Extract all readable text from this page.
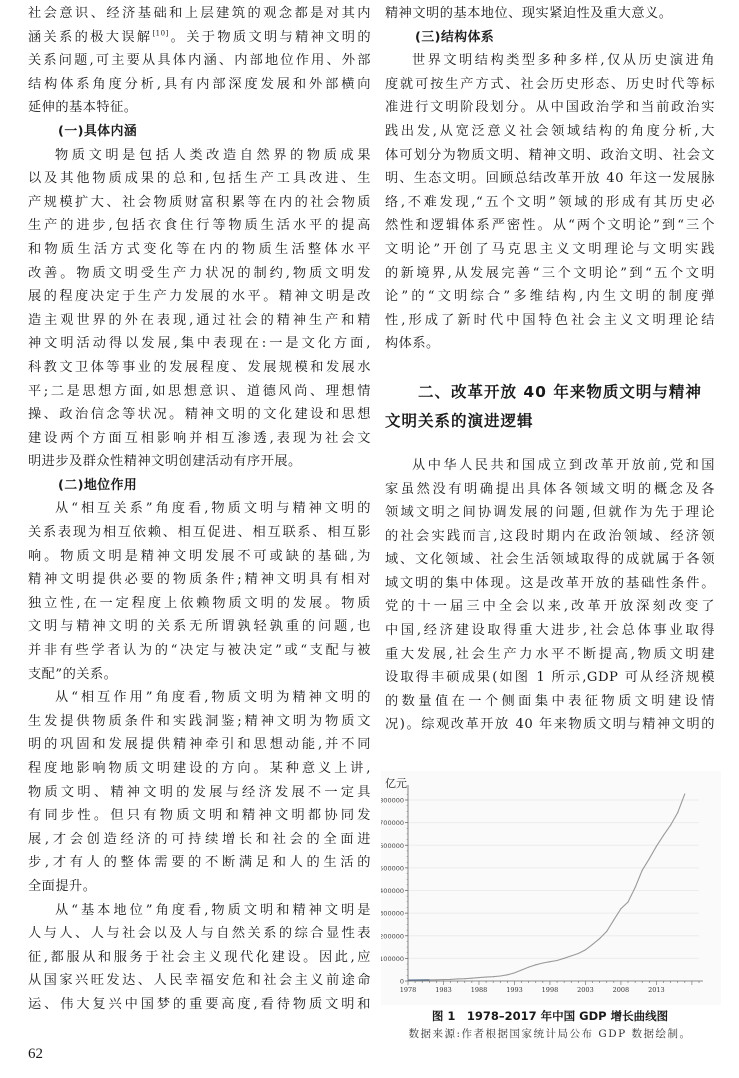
社会意识、经济基础和上层建筑的观念都是对其内
涵关系的极大误解[10]。关于物质文明与精神文明的
关系问题,可主要从具体内涵、内部地位作用、外部
结构体系角度分析,具有内部深度发展和外部横向
延伸的基本特征。
(一)具体内涵
物质文明是包括人类改造自然界的物质成果
以及其他物质成果的总和,包括生产工具改进、生
产规模扩大、社会物质财富积累等在内的社会物质
生产的进步,包括衣食住行等物质生活水平的提高
和物质生活方式变化等在内的物质生活整体水平
改善。物质文明受生产力状况的制约,物质文明发
展的程度决定于生产力发展的水平。精神文明是改
造主观世界的外在表现,通过社会的精神生产和精
神文明活动得以发展,集中表现在:一是文化方面,
科教文卫体等事业的发展程度、发展规模和发展水
平;二是思想方面,如思想意识、道德风尚、理想情
操、政治信念等状况。精神文明的文化建设和思想
建设两个方面互相影响并相互渗透,表现为社会文
明进步及群众性精神文明创建活动有序开展。
(二)地位作用
从“相互关系”角度看,物质文明与精神文明的
关系表现为相互依赖、相互促进、相互联系、相互影
响。物质文明是精神文明发展不可或缺的基础,为
精神文明提供必要的物质条件;精神文明具有相对
独立性,在一定程度上依赖物质文明的发展。物质
文明与精神文明的关系无所谓孰轻孰重的问题,也
并非有些学者认为的“决定与被决定”或“支配与被
支配”的关系。
从“相互作用”角度看,物质文明为精神文明的
生发提供物质条件和实践洞鉴;精神文明为物质文
明的巩固和发展提供精神牵引和思想动能,并不同
程度地影响物质文明建设的方向。某种意义上讲,
物质文明、精神文明的发展与经济发展不一定具
有同步性。但只有物质文明和精神文明都协同发
展,才会创造经济的可持续增长和社会的全面进
步,才有人的整体需要的不断满足和人的生活的
全面提升。
从“基本地位”角度看,物质文明和精神文明是
人与人、人与社会以及人与自然关系的综合显性表
征,都服从和服务于社会主义现代化建设。因此,应
从国家兴旺发达、人民幸福安危和社会主义前途命
运、伟大复兴中国梦的重要高度,看待物质文明和
精神文明的基本地位、现实紧迫性及重大意义。
(三)结构体系
世界文明结构类型多种多样,仅从历史演进角
度就可按生产方式、社会历史形态、历史时代等标
准进行文明阶段划分。从中国政治学和当前政治实
践出发,从宽泛意义社会领域结构的角度分析,大
体可划分为物质文明、精神文明、政治文明、社会文
明、生态文明。回顾总结改革开放 40 年这一发展脉
络,不难发现,“五个文明”领域的形成有其历史必
然性和逻辑体系严密性。从“两个文明论”到“三个
文明论”开创了马克思主义文明理论与文明实践
的新境界,从发展完善“三个文明论”到“五个文明
论”的“文明综合”多维结构,内生文明的制度弹
性,形成了新时代中国特色社会主义文明理论结
构体系。
二、改革开放 40 年来物质文明与精神
文明关系的演进逻辑
从中华人民共和国成立到改革开放前,党和国
家虽然没有明确提出具体各领域文明的概念及各
领域文明之间协调发展的问题,但就作为先于理论
的社会实践而言,这段时期内在政治领域、经济领
域、文化领域、社会生活领域取得的成就属于各领
域文明的集中体现。这是改革开放的基础性条件。
党的十一届三中全会以来,改革开放深刻改变了
中国,经济建设取得重大进步,社会总体事业取得
重大发展,社会生产力水平不断提高,物质文明建
设取得丰硕成果(如图 1 所示,GDP 可从经济规模
的数量值在一个侧面集中表征物质文明建设情
况)。综观改革开放 40 年来物质文明与精神文明的
0
100000
200000
300000
400000
500000
600000
700000
800000
亿元
1978	1983	1988	1993	1998	2003	2008	2013
图 1　1978–2017 年中国 GDP 增长曲线图
数据来源:作者根据国家统计局公布 GDP 数据绘制。
62
